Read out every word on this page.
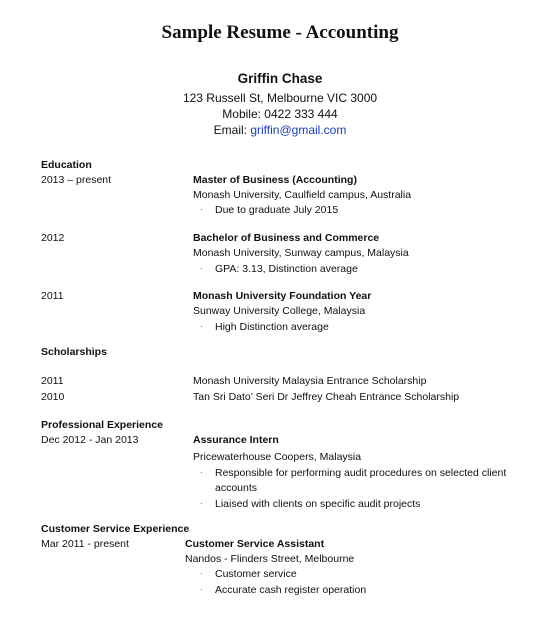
Sample Resume - Accounting
Griffin Chase
123 Russell St, Melbourne VIC 3000
Mobile: 0422 333 444
Email: griffin@gmail.com
Education
2013 – present	Master of Business (Accounting)
Monash University, Caulfield campus, Australia
· Due to graduate July 2015
2012	Bachelor of Business and Commerce
Monash University, Sunway campus, Malaysia
· GPA: 3.13, Distinction average
2011	Monash University Foundation Year
Sunway University College, Malaysia
· High Distinction average
Scholarships
2011	Monash University Malaysia Entrance Scholarship
2010	Tan Sri Dato’ Seri Dr Jeffrey Cheah Entrance Scholarship
Professional Experience
Dec 2012 - Jan 2013	Assurance Intern
Pricewaterhouse Coopers, Malaysia
· Responsible for performing audit procedures on selected client
accounts
· Liaised with clients on specific audit projects
Customer Service Experience
Mar 2011 - present	Customer Service Assistant
Nandos - Flinders Street, Melbourne
· Customer service
· Accurate cash register operation
